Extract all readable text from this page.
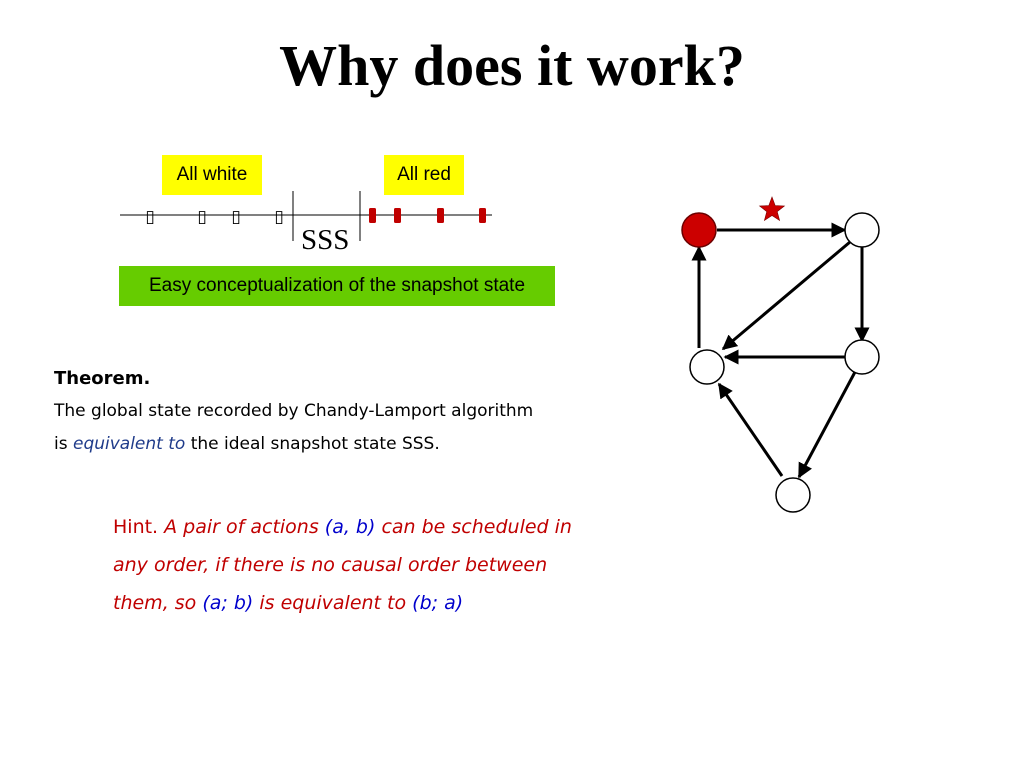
Why does it work?
All white	All red
▯	▯ ▯ ▯
SSS
Easy conceptualization of the snapshot state
Theorem.
The global state recorded by Chandy-Lamport algorithm
is equivalent to the ideal snapshot state SSS.
Hint. A pair of actions (a, b) can be scheduled in
any order, if there is no causal order between
them, so (a; b) is equivalent to (b; a)
